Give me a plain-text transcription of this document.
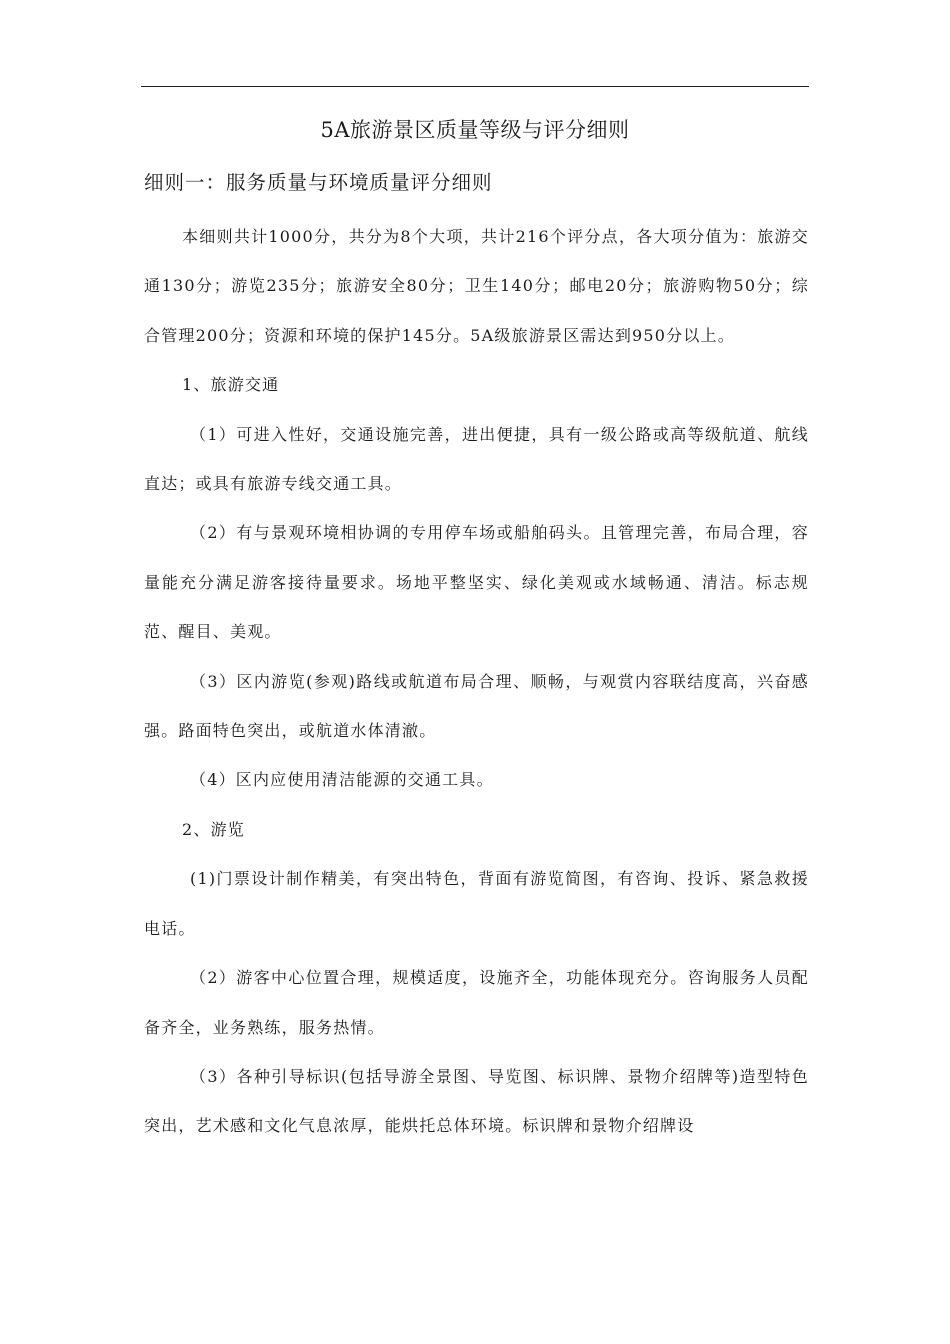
5A旅游景区质量等级与评分细则
细则一：服务质量与环境质量评分细则

本细则共计1000分，共分为8个大项，共计216个评分点，各大项分值为：旅游交通130分；游览235分；旅游安全80分；卫生140分；邮电20分；旅游购物50分；综合管理200分；资源和环境的保护145分。5A级旅游景区需达到950分以上。

1、旅游交通

（1）可进入性好，交通设施完善，进出便捷，具有一级公路或高等级航道、航线直达；或具有旅游专线交通工具。

（2）有与景观环境相协调的专用停车场或船舶码头。且管理完善，布局合理，容量能充分满足游客接待量要求。场地平整坚实、绿化美观或水域畅通、清洁。标志规范、醒目、美观。

（3）区内游览(参观)路线或航道布局合理、顺畅，与观赏内容联结度高，兴奋感强。路面特色突出，或航道水体清澈。

（4）区内应使用清洁能源的交通工具。

2、游览

(1)门票设计制作精美，有突出特色，背面有游览简图，有咨询、投诉、紧急救援电话。

（2）游客中心位置合理，规模适度，设施齐全，功能体现充分。咨询服务人员配备齐全，业务熟练，服务热情。

（3）各种引导标识(包括导游全景图、导览图、标识牌、景物介绍牌等)造型特色突出，艺术感和文化气息浓厚，能烘托总体环境。标识牌和景物介绍牌设
